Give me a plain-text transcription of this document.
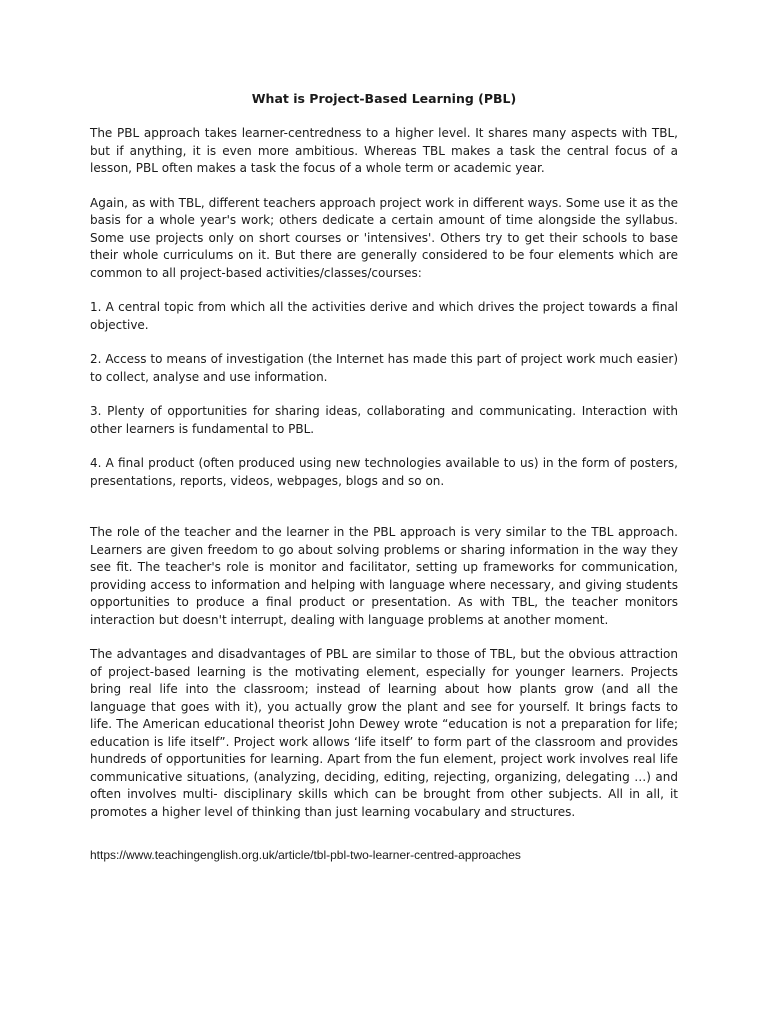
What is Project-Based Learning (PBL)

The PBL approach takes learner-centredness to a higher level. It shares many aspects with TBL, but if anything, it is even more ambitious. Whereas TBL makes a task the central focus of a lesson, PBL often makes a task the focus of a whole term or academic year.

Again, as with TBL, different teachers approach project work in different ways. Some use it as the basis for a whole year's work; others dedicate a certain amount of time alongside the syllabus. Some use projects only on short courses or 'intensives'. Others try to get their schools to base their whole curriculums on it. But there are generally considered to be four elements which are common to all project-based activities/classes/courses:

1. A central topic from which all the activities derive and which drives the project towards a final objective.

2. Access to means of investigation (the Internet has made this part of project work much easier) to collect, analyse and use information.

3. Plenty of opportunities for sharing ideas, collaborating and communicating. Interaction with other learners is fundamental to PBL.

4. A final product (often produced using new technologies available to us) in the form of posters, presentations, reports, videos, webpages, blogs and so on.

The role of the teacher and the learner in the PBL approach is very similar to the TBL approach. Learners are given freedom to go about solving problems or sharing information in the way they see fit. The teacher's role is monitor and facilitator, setting up frameworks for communication, providing access to information and helping with language where necessary, and giving students opportunities to produce a final product or presentation. As with TBL, the teacher monitors interaction but doesn't interrupt, dealing with language problems at another moment.

The advantages and disadvantages of PBL are similar to those of TBL, but the obvious attraction of project-based learning is the motivating element, especially for younger learners. Projects bring real life into the classroom; instead of learning about how plants grow (and all the language that goes with it), you actually grow the plant and see for yourself. It brings facts to life. The American educational theorist John Dewey wrote “education is not a preparation for life; education is life itself”. Project work allows ‘life itself’ to form part of the classroom and provides hundreds of opportunities for learning. Apart from the fun element, project work involves real life communicative situations, (analyzing, deciding, editing, rejecting, organizing, delegating …) and often involves multi- disciplinary skills which can be brought from other subjects. All in all, it promotes a higher level of thinking than just learning vocabulary and structures.

https://www.teachingenglish.org.uk/article/tbl-pbl-two-learner-centred-approaches
